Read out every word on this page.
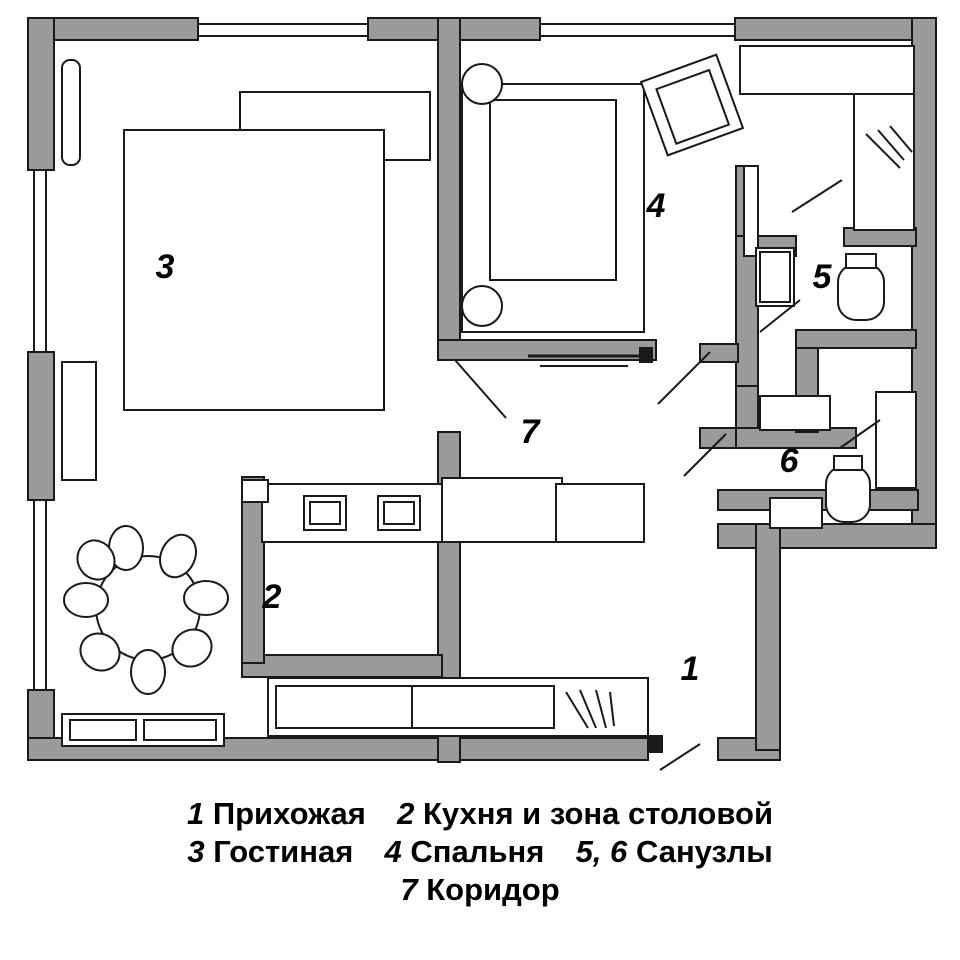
3
4
5
6
7
2
1
1 Прихожая 2 Кухня и зона столовой
3 Гостиная 4 Спальня 5, 6 Санузлы
7 Коридор
